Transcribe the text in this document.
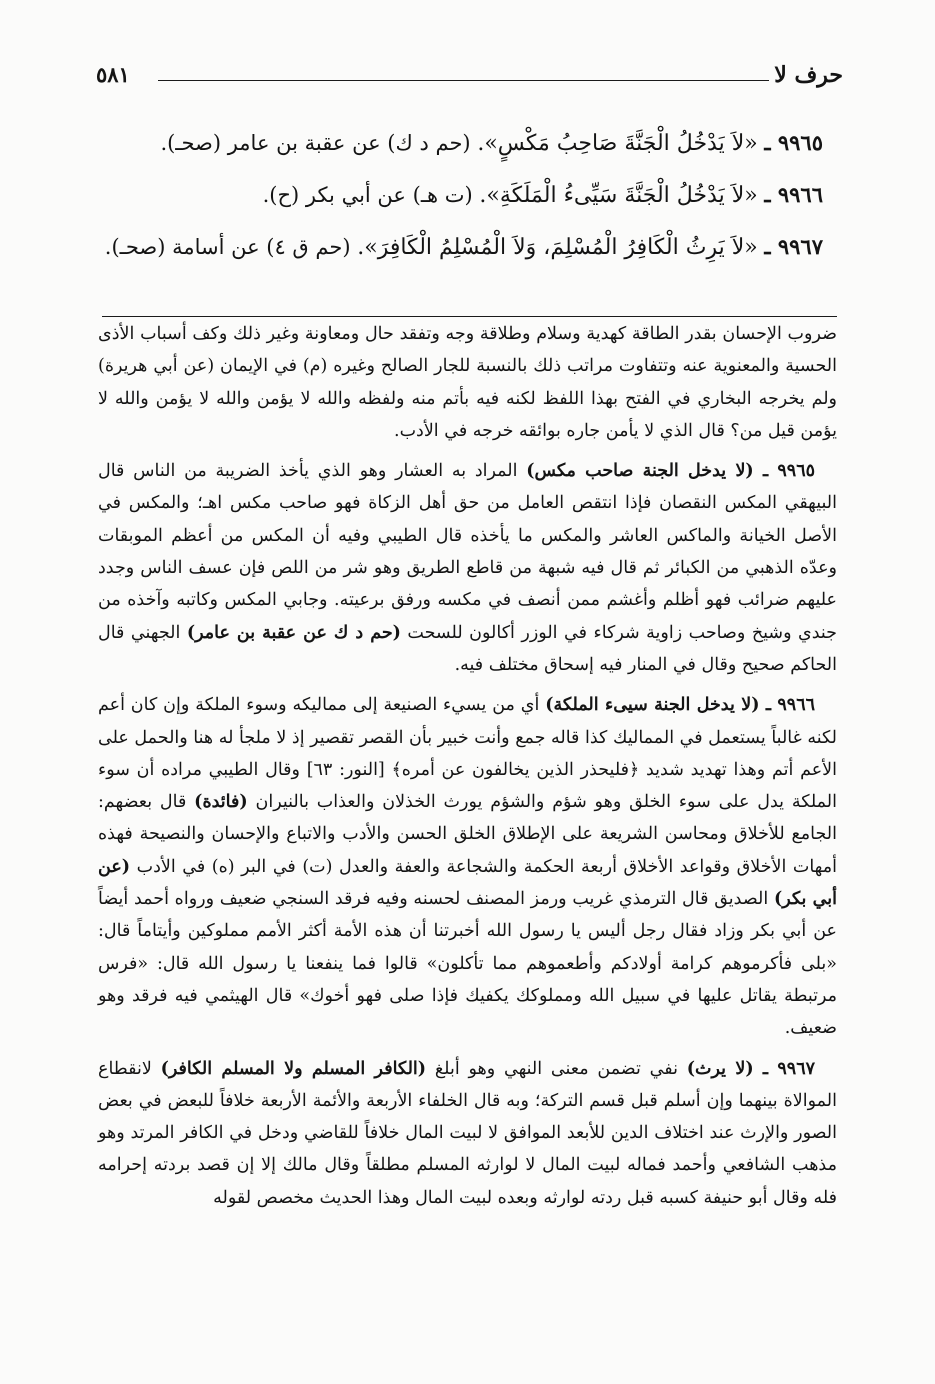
حرف لا
٥٨١

٩٩٦٥ ـ «لاَ يَدْخُلُ الْجَنَّةَ صَاحِبُ مَكْسٍ». (حم د ك) عن عقبة بن عامر (صحـ).

٩٩٦٦ ـ «لاَ يَدْخُلُ الْجَنَّةَ سَيِّىءُ الْمَلَكَةِ». (ت هـ) عن أبي بكر (ح).

٩٩٦٧ ـ «لاَ يَرِثُ الْكَافِرُ الْمُسْلِمَ، وَلاَ الْمُسْلِمُ الْكَافِرَ». (حم ق ٤) عن أسامة (صحـ).

ضروب الإحسان بقدر الطاقة كهدية وسلام وطلاقة وجه وتفقد حال ومعاونة وغير ذلك وكف أسباب الأذى الحسية والمعنوية عنه وتتفاوت مراتب ذلك بالنسبة للجار الصالح وغيره (م) في الإيمان (عن أبي هريرة) ولم يخرجه البخاري في الفتح بهذا اللفظ لكنه فيه بأتم منه ولفظه والله لا يؤمن والله لا يؤمن والله لا يؤمن قيل من؟ قال الذي لا يأمن جاره بوائقه خرجه في الأدب.

٩٩٦٥ ـ (لا يدخل الجنة صاحب مكس) المراد به العشار وهو الذي يأخذ الضريبة من الناس قال البيهقي المكس النقصان فإذا انتقص العامل من حق أهل الزكاة فهو صاحب مكس اهـ؛ والمكس في الأصل الخيانة والماكس العاشر والمكس ما يأخذه قال الطيبي وفيه أن المكس من أعظم الموبقات وعدّه الذهبي من الكبائر ثم قال فيه شبهة من قاطع الطريق وهو شر من اللص فإن عسف الناس وجدد عليهم ضرائب فهو أظلم وأغشم ممن أنصف في مكسه ورفق برعيته. وجابي المكس وكاتبه وآخذه من جندي وشيخ وصاحب زاوية شركاء في الوزر أكالون للسحت (حم د ك عن عقبة بن عامر) الجهني قال الحاكم صحيح وقال في المنار فيه إسحاق مختلف فيه.

٩٩٦٦ ـ (لا يدخل الجنة سيىء الملكة) أي من يسيء الصنيعة إلى مماليكه وسوء الملكة وإن كان أعم لكنه غالباً يستعمل في المماليك كذا قاله جمع وأنت خبير بأن القصر تقصير إذ لا ملجأ له هنا والحمل على الأعم أتم وهذا تهديد شديد ﴿فليحذر الذين يخالفون عن أمره﴾ [النور: ٦٣] وقال الطيبي مراده أن سوء الملكة يدل على سوء الخلق وهو شؤم والشؤم يورث الخذلان والعذاب بالنيران (فائدة) قال بعضهم: الجامع للأخلاق ومحاسن الشريعة على الإطلاق الخلق الحسن والأدب والاتباع والإحسان والنصيحة فهذه أمهات الأخلاق وقواعد الأخلاق أربعة الحكمة والشجاعة والعفة والعدل (ت) في البر (ه) في الأدب (عن أبي بكر) الصديق قال الترمذي غريب ورمز المصنف لحسنه وفيه فرقد السنجي ضعيف ورواه أحمد أيضاً عن أبي بكر وزاد فقال رجل أليس يا رسول الله أخبرتنا أن هذه الأمة أكثر الأمم مملوكين وأيتاماً قال: «بلى فأكرموهم كرامة أولادكم وأطعموهم مما تأكلون» قالوا فما ينفعنا يا رسول الله قال: «فرس مرتبطة يقاتل عليها في سبيل الله ومملوكك يكفيك فإذا صلى فهو أخوك» قال الهيثمي فيه فرقد وهو ضعيف.

٩٩٦٧ ـ (لا يرث) نفي تضمن معنى النهي وهو أبلغ (الكافر المسلم ولا المسلم الكافر) لانقطاع الموالاة بينهما وإن أسلم قبل قسم التركة؛ وبه قال الخلفاء الأربعة والأئمة الأربعة خلافاً للبعض في بعض الصور والإرث عند اختلاف الدين للأبعد الموافق لا لبيت المال خلافاً للقاضي ودخل في الكافر المرتد وهو مذهب الشافعي وأحمد فماله لبيت المال لا لوارثه المسلم مطلقاً وقال مالك إلا إن قصد بردته إحرامه فله وقال أبو حنيفة كسبه قبل ردته لوارثه وبعده لبيت المال وهذا الحديث مخصص لقوله
